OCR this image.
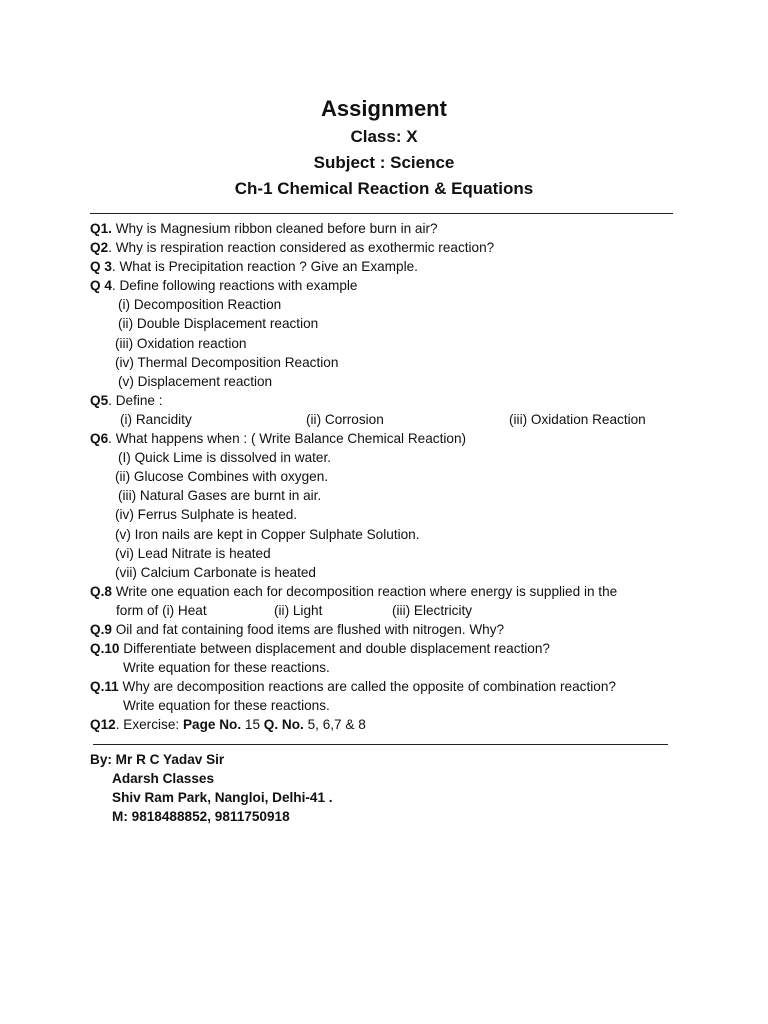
Assignment
Class: X
Subject : Science
Ch-1 Chemical Reaction & Equations
Q1. Why is Magnesium ribbon cleaned before burn in air?
Q2. Why is respiration reaction considered as exothermic reaction?
Q 3. What is Precipitation reaction ? Give an Example.
Q 4. Define following reactions with example
(i) Decomposition Reaction
(ii) Double Displacement reaction
(iii) Oxidation reaction
(iv) Thermal Decomposition Reaction
(v) Displacement reaction
Q5. Define :
(i) Rancidity	(ii) Corrosion	(iii) Oxidation Reaction
Q6. What happens when : ( Write Balance Chemical Reaction)
(I) Quick Lime is dissolved in water.
(ii) Glucose Combines with oxygen.
(iii) Natural Gases are burnt in air.
(iv) Ferrus Sulphate is heated.
(v) Iron nails are kept in Copper Sulphate Solution.
(vi) Lead Nitrate is heated
(vii) Calcium Carbonate is heated
Q.8 Write one equation each for decomposition reaction where energy is supplied in the
form of (i) Heat	(ii) Light	(iii) Electricity
Q.9 Oil and fat containing food items are flushed with nitrogen. Why?
Q.10 Differentiate between displacement and double displacement reaction?
Write equation for these reactions.
Q.11 Why are decomposition reactions are called the opposite of combination reaction?
Write equation for these reactions.
Q12. Exercise: Page No. 15 Q. No. 5, 6,7 & 8
By: Mr R C Yadav Sir
Adarsh Classes
Shiv Ram Park, Nangloi, Delhi-41 .
M: 9818488852, 9811750918
